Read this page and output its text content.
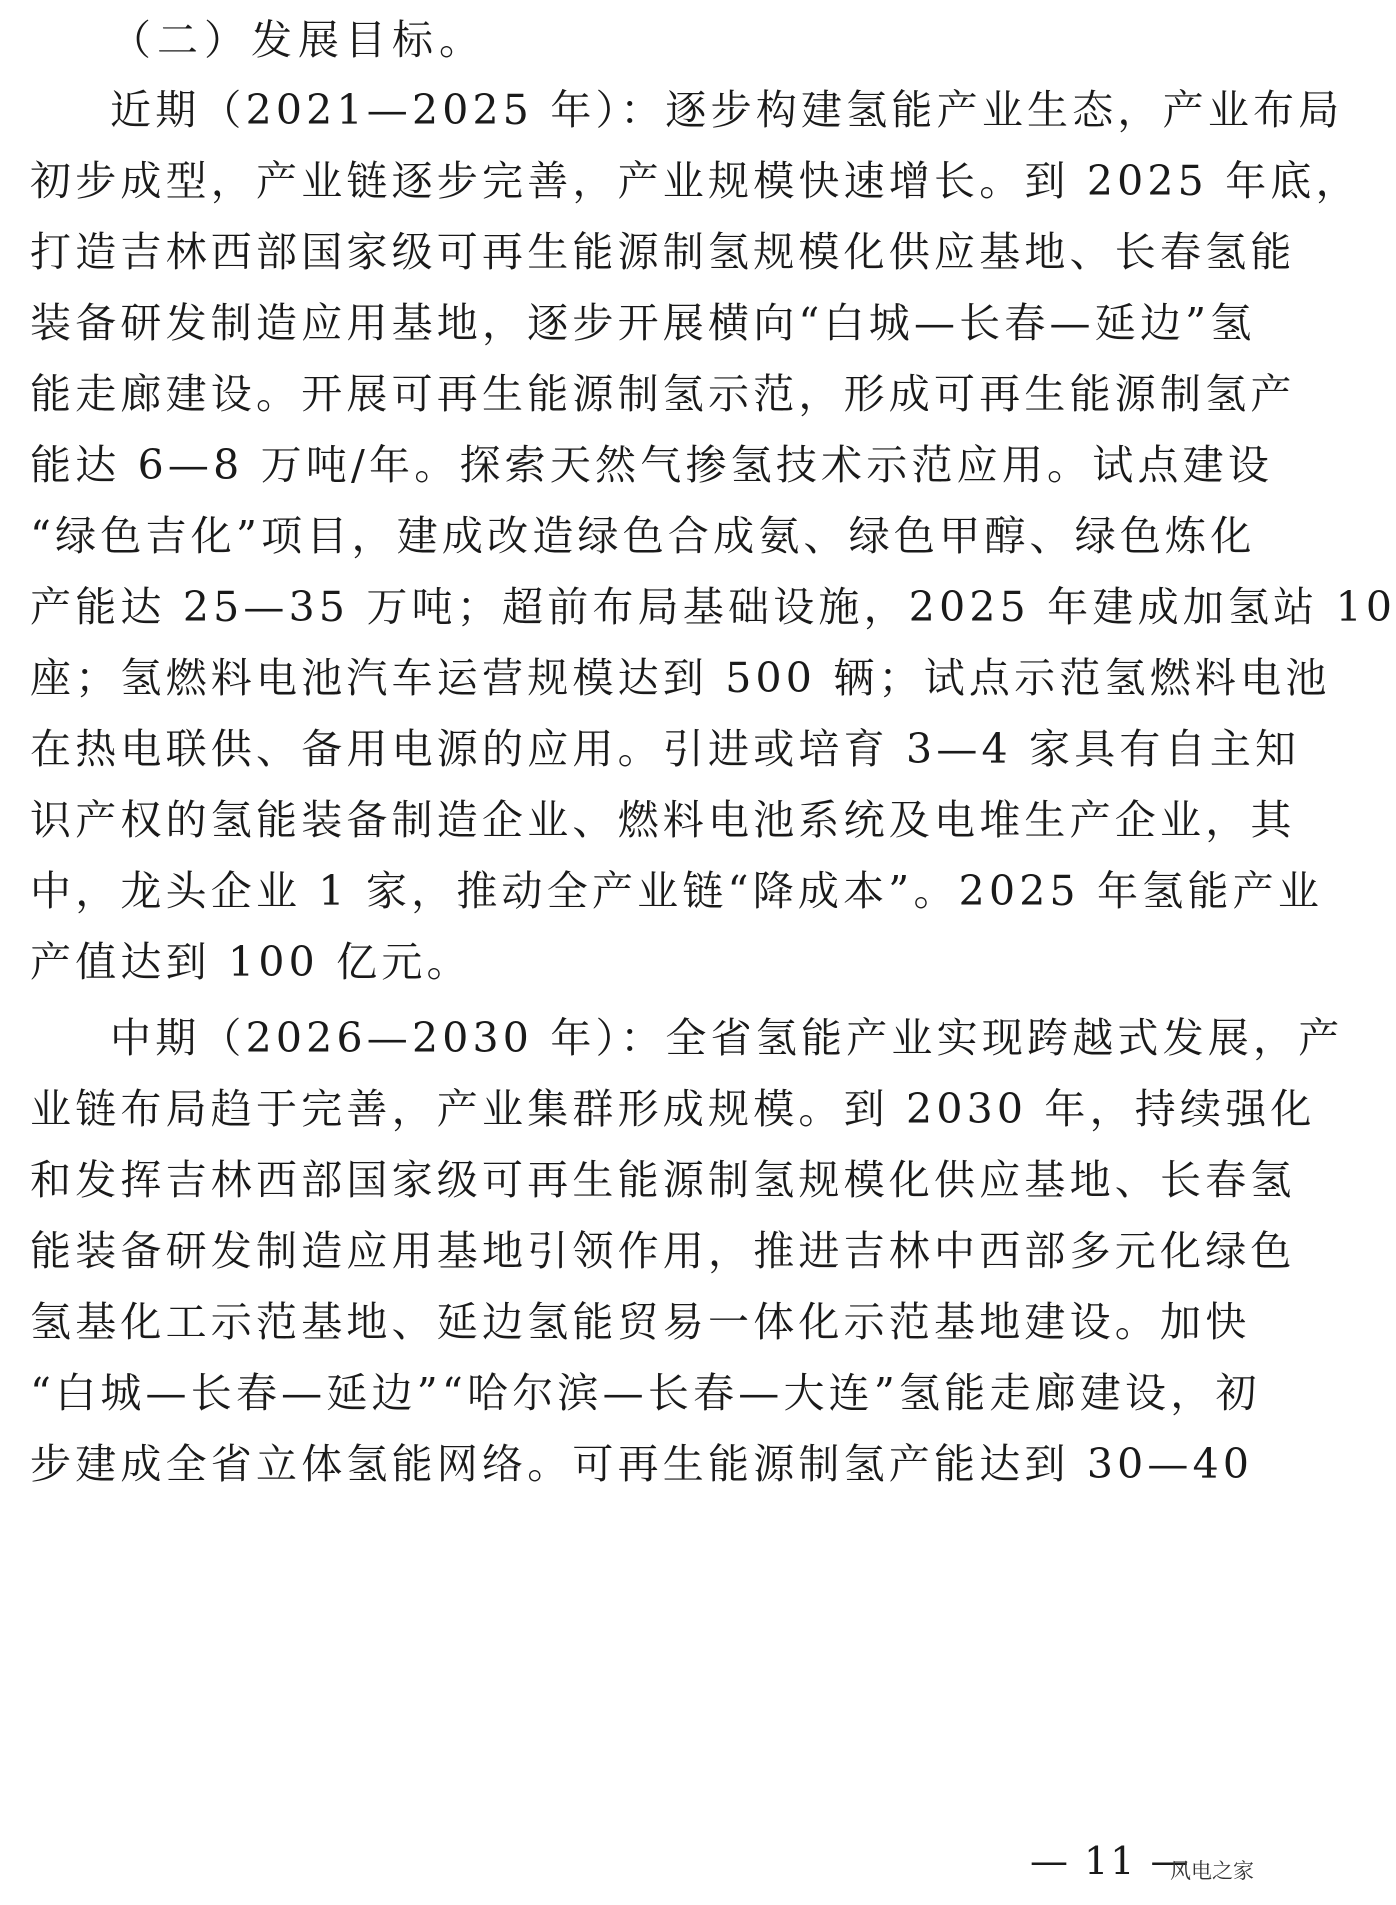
（二）发展目标。
近期（2021—2025 年）：逐步构建氢能产业生态，产业布局
初步成型，产业链逐步完善，产业规模快速增长。到 2025 年底，
打造吉林西部国家级可再生能源制氢规模化供应基地、长春氢能
装备研发制造应用基地，逐步开展横向“白城—长春—延边”氢
能走廊建设。开展可再生能源制氢示范，形成可再生能源制氢产
能达 6—8 万吨/年。探索天然气掺氢技术示范应用。试点建设
“绿色吉化”项目，建成改造绿色合成氨、绿色甲醇、绿色炼化
产能达 25—35 万吨；超前布局基础设施，2025 年建成加氢站 10
座；氢燃料电池汽车运营规模达到 500 辆；试点示范氢燃料电池
在热电联供、备用电源的应用。引进或培育 3—4 家具有自主知
识产权的氢能装备制造企业、燃料电池系统及电堆生产企业，其
中，龙头企业 1 家，推动全产业链“降成本”。2025 年氢能产业
产值达到 100 亿元。
中期（2026—2030 年）：全省氢能产业实现跨越式发展，产
业链布局趋于完善，产业集群形成规模。到 2030 年，持续强化
和发挥吉林西部国家级可再生能源制氢规模化供应基地、长春氢
能装备研发制造应用基地引领作用，推进吉林中西部多元化绿色
氢基化工示范基地、延边氢能贸易一体化示范基地建设。加快
“白城—长春—延边”“哈尔滨—长春—大连”氢能走廊建设，初
步建成全省立体氢能网络。可再生能源制氢产能达到 30—40
— 11 —
风电之家
